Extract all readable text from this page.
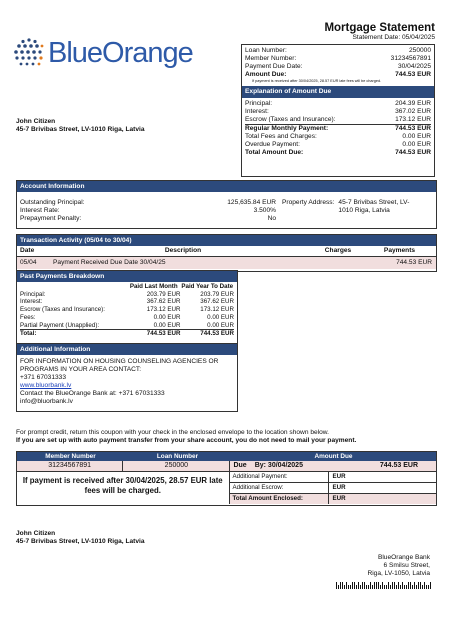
BlueOrange
Mortgage Statement
Statement Date: 05/04/2025
Loan Number:	250000
Member Number:	31234567891
Payment Due Date:	30/04/2025
Amount Due:	744.53 EUR
If payment is received after 30/04/2025, 28.57 EUR late fees will be charged.
Explanation of Amount Due
Principal:	204.39 EUR
Interest:	367.02 EUR
Escrow (Taxes and Insurance):	173.12 EUR
Regular Monthly Payment:	744.53 EUR
Total Fees and Charges:	0.00 EUR
Overdue Payment:	0.00 EUR
Total Amount Due:	744.53 EUR
John Citizen
45-7 Brivibas Street, LV-1010 Riga, Latvia
Account Information
Outstanding Principal:	125,635.84 EUR
Interest Rate:	3.500%
Prepayment Penalty:	No
Property Address: 45-7 Brivibas Street, LV-1010 Riga, Latvia
Transaction Activity (05/04 to 30/04)
Date	Description	Charges	Payments
05/04	Payment Received Due Date 30/04/25		744.53 EUR
Past Payments Breakdown
Paid Last Month Paid Year To Date
Principal:	203.79 EUR	203.79 EUR
Interest:	367.62 EUR	367.62 EUR
Escrow (Taxes and Insurance):	173.12 EUR	173.12 EUR
Fees:	0.00 EUR	0.00 EUR
Partial Payment (Unapplied):	0.00 EUR	0.00 EUR
Total:	744.53 EUR	744.53 EUR
Additional Information
FOR INFORMATION ON HOUSING COUNSELING AGENCIES OR PROGRAMS IN YOUR AREA CONTACT:
+371 67031333
www.bluorbank.lv
Contact the BlueOrange Bank at: +371 67031333
info@bluorbank.lv
For prompt credit, return this coupon with your check in the enclosed envelope to the location shown below.
If you are set up with auto payment transfer from your share account, you do not need to mail your payment.
Member Number	Loan Number	Amount Due
31234567891	250000	Due By: 30/04/2025	744.53 EUR
If payment is received after 30/04/2025, 28.57 EUR late fees will be charged.
Additional Payment:	EUR
Additional Escrow:	EUR
Total Amount Enclosed:	EUR
John Citizen
45-7 Brivibas Street, LV-1010 Riga, Latvia
BlueOrange Bank
6 Smilsu Street,
Riga, LV-1050, Latvia
